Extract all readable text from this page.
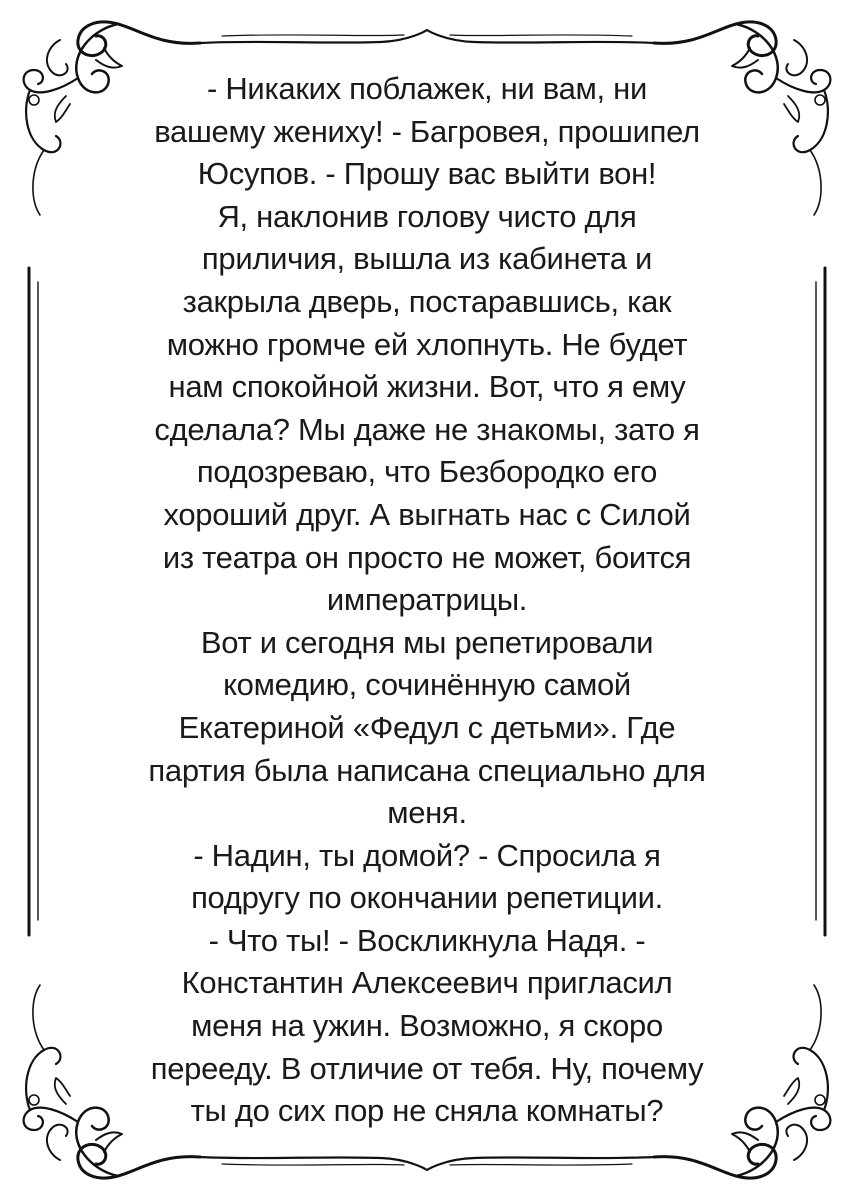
- Никаких поблажек, ни вам, ни
вашему жениху! - Багровея, прошипел
Юсупов. - Прошу вас выйти вон!
Я, наклонив голову чисто для
приличия, вышла из кабинета и
закрыла дверь, постаравшись, как
можно громче ей хлопнуть. Не будет
нам спокойной жизни. Вот, что я ему
сделала? Мы даже не знакомы, зато я
подозреваю, что Безбородко его
хороший друг. А выгнать нас с Силой
из театра он просто не может, боится
императрицы.
Вот и сегодня мы репетировали
комедию, сочинённую самой
Екатериной «Федул с детьми». Где
партия была написана специально для
меня.
- Надин, ты домой? - Спросила я
подругу по окончании репетиции.
- Что ты! - Воскликнула Надя. -
Константин Алексеевич пригласил
меня на ужин. Возможно, я скоро
перееду. В отличие от тебя. Ну, почему
ты до сих пор не сняла комнаты?
